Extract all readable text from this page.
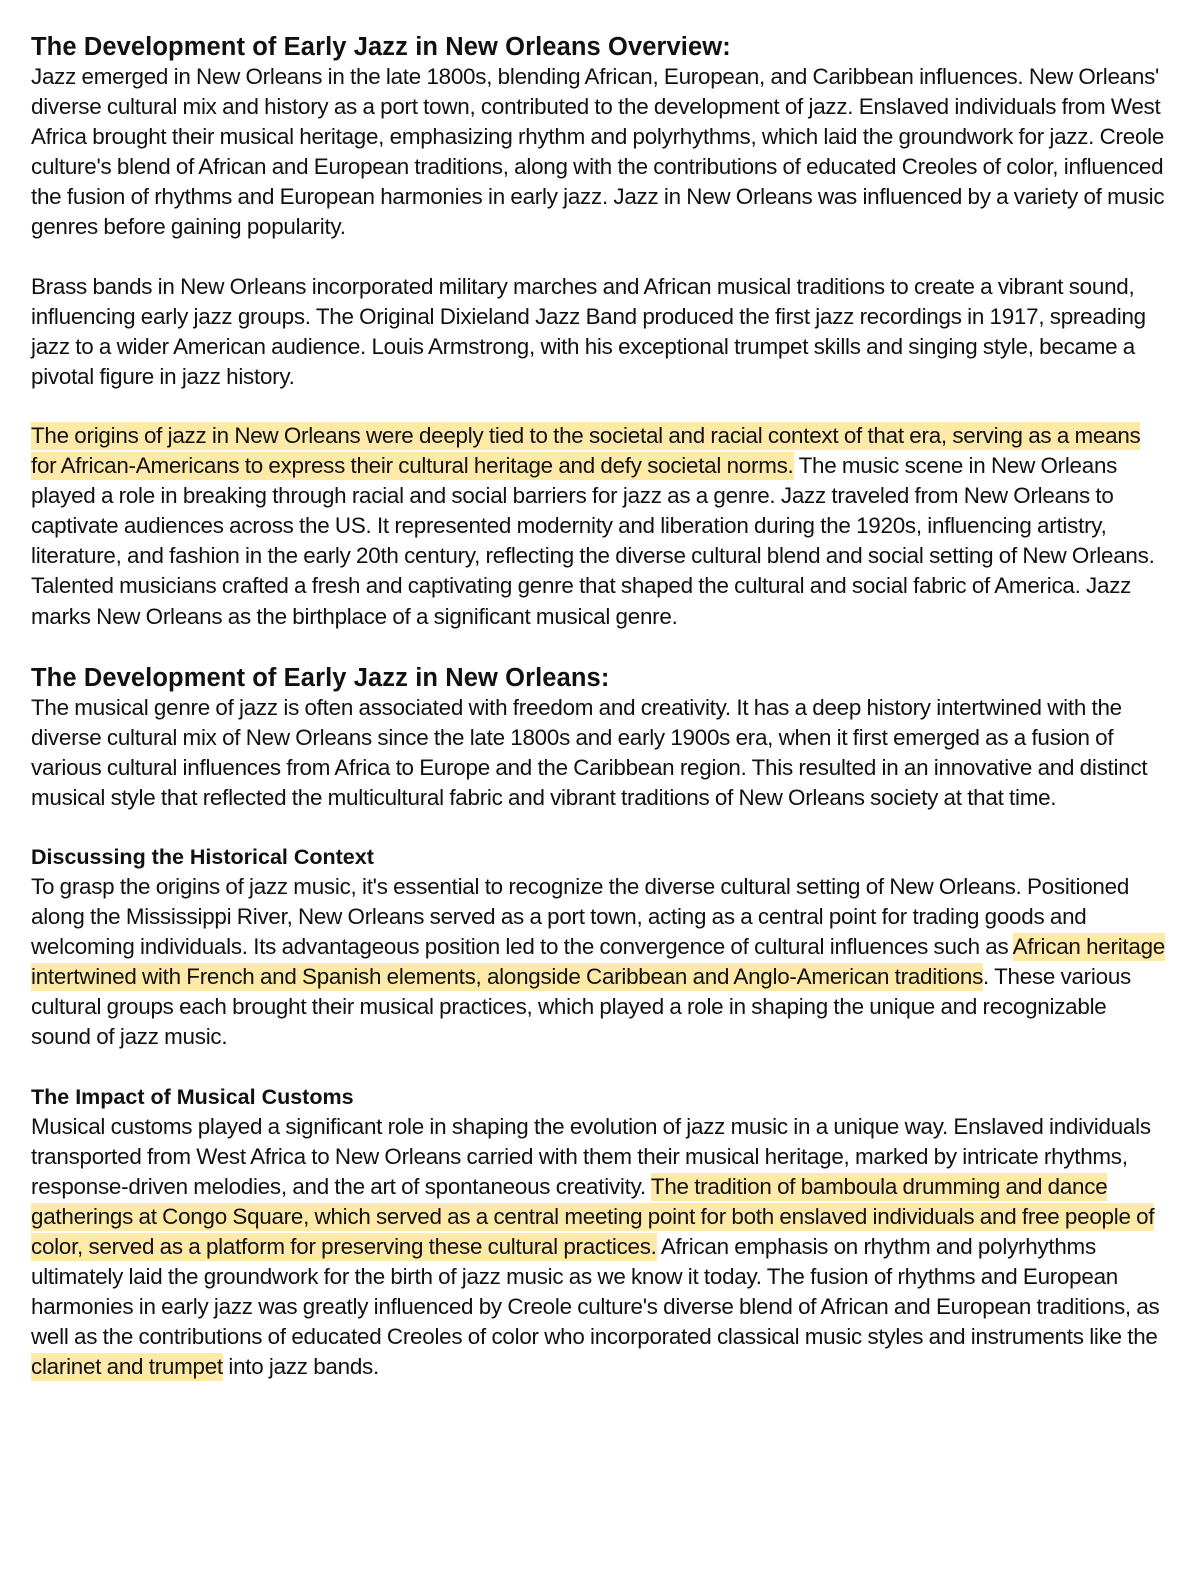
The Development of Early Jazz in New Orleans Overview:

Jazz emerged in New Orleans in the late 1800s, blending African, European, and Caribbean influences. New Orleans' diverse cultural mix and history as a port town, contributed to the development of jazz. Enslaved individuals from West Africa brought their musical heritage, emphasizing rhythm and polyrhythms, which laid the groundwork for jazz. Creole culture's blend of African and European traditions, along with the contributions of educated Creoles of color, influenced the fusion of rhythms and European harmonies in early jazz. Jazz in New Orleans was influenced by a variety of music genres before gaining popularity.

Brass bands in New Orleans incorporated military marches and African musical traditions to create a vibrant sound, influencing early jazz groups. The Original Dixieland Jazz Band produced the first jazz recordings in 1917, spreading jazz to a wider American audience. Louis Armstrong, with his exceptional trumpet skills and singing style, became a pivotal figure in jazz history.

The origins of jazz in New Orleans were deeply tied to the societal and racial context of that era, serving as a means for African-Americans to express their cultural heritage and defy societal norms. The music scene in New Orleans played a role in breaking through racial and social barriers for jazz as a genre. Jazz traveled from New Orleans to captivate audiences across the US. It represented modernity and liberation during the 1920s, influencing artistry, literature, and fashion in the early 20th century, reflecting the diverse cultural blend and social setting of New Orleans. Talented musicians crafted a fresh and captivating genre that shaped the cultural and social fabric of America. Jazz marks New Orleans as the birthplace of a significant musical genre.

The Development of Early Jazz in New Orleans:

The musical genre of jazz is often associated with freedom and creativity. It has a deep history intertwined with the diverse cultural mix of New Orleans since the late 1800s and early 1900s era, when it first emerged as a fusion of various cultural influences from Africa to Europe and the Caribbean region. This resulted in an innovative and distinct musical style that reflected the multicultural fabric and vibrant traditions of New Orleans society at that time.

Discussing the Historical Context

To grasp the origins of jazz music, it's essential to recognize the diverse cultural setting of New Orleans. Positioned along the Mississippi River, New Orleans served as a port town, acting as a central point for trading goods and welcoming individuals. Its advantageous position led to the convergence of cultural influences such as African heritage intertwined with French and Spanish elements, alongside Caribbean and Anglo-American traditions. These various cultural groups each brought their musical practices, which played a role in shaping the unique and recognizable sound of jazz music.

The Impact of Musical Customs

Musical customs played a significant role in shaping the evolution of jazz music in a unique way. Enslaved individuals transported from West Africa to New Orleans carried with them their musical heritage, marked by intricate rhythms, response-driven melodies, and the art of spontaneous creativity. The tradition of bamboula drumming and dance gatherings at Congo Square, which served as a central meeting point for both enslaved individuals and free people of color, served as a platform for preserving these cultural practices. African emphasis on rhythm and polyrhythms ultimately laid the groundwork for the birth of jazz music as we know it today. The fusion of rhythms and European harmonies in early jazz was greatly influenced by Creole culture's diverse blend of African and European traditions, as well as the contributions of educated Creoles of color who incorporated classical music styles and instruments like the clarinet and trumpet into jazz bands.
